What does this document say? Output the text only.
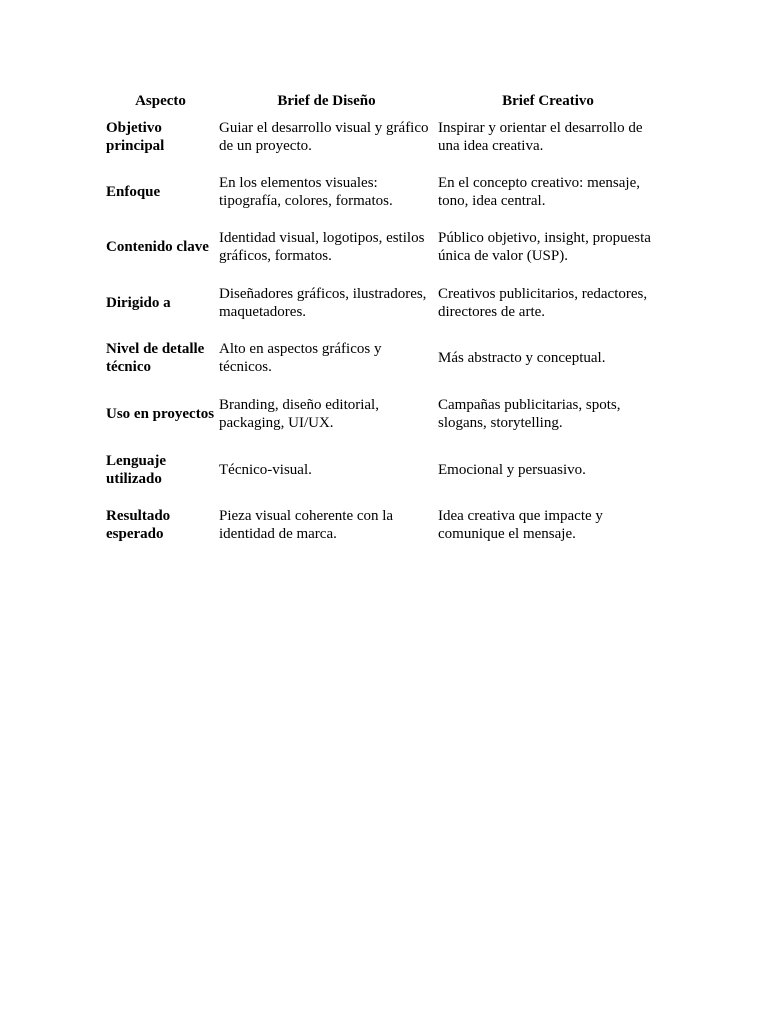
Aspecto	Brief de Diseño	Brief Creativo
Objetivo principal	Guiar el desarrollo visual y gráfico de un proyecto.	Inspirar y orientar el desarrollo de una idea creativa.
Enfoque	En los elementos visuales: tipografía, colores, formatos.	En el concepto creativo: mensaje, tono, idea central.
Contenido clave	Identidad visual, logotipos, estilos gráficos, formatos.	Público objetivo, insight, propuesta única de valor (USP).
Dirigido a	Diseñadores gráficos, ilustradores, maquetadores.	Creativos publicitarios, redactores, directores de arte.
Nivel de detalle técnico	Alto en aspectos gráficos y técnicos.	Más abstracto y conceptual.
Uso en proyectos	Branding, diseño editorial, packaging, UI/UX.	Campañas publicitarias, spots, slogans, storytelling.
Lenguaje utilizado	Técnico-visual.	Emocional y persuasivo.
Resultado esperado	Pieza visual coherente con la identidad de marca.	Idea creativa que impacte y comunique el mensaje.
